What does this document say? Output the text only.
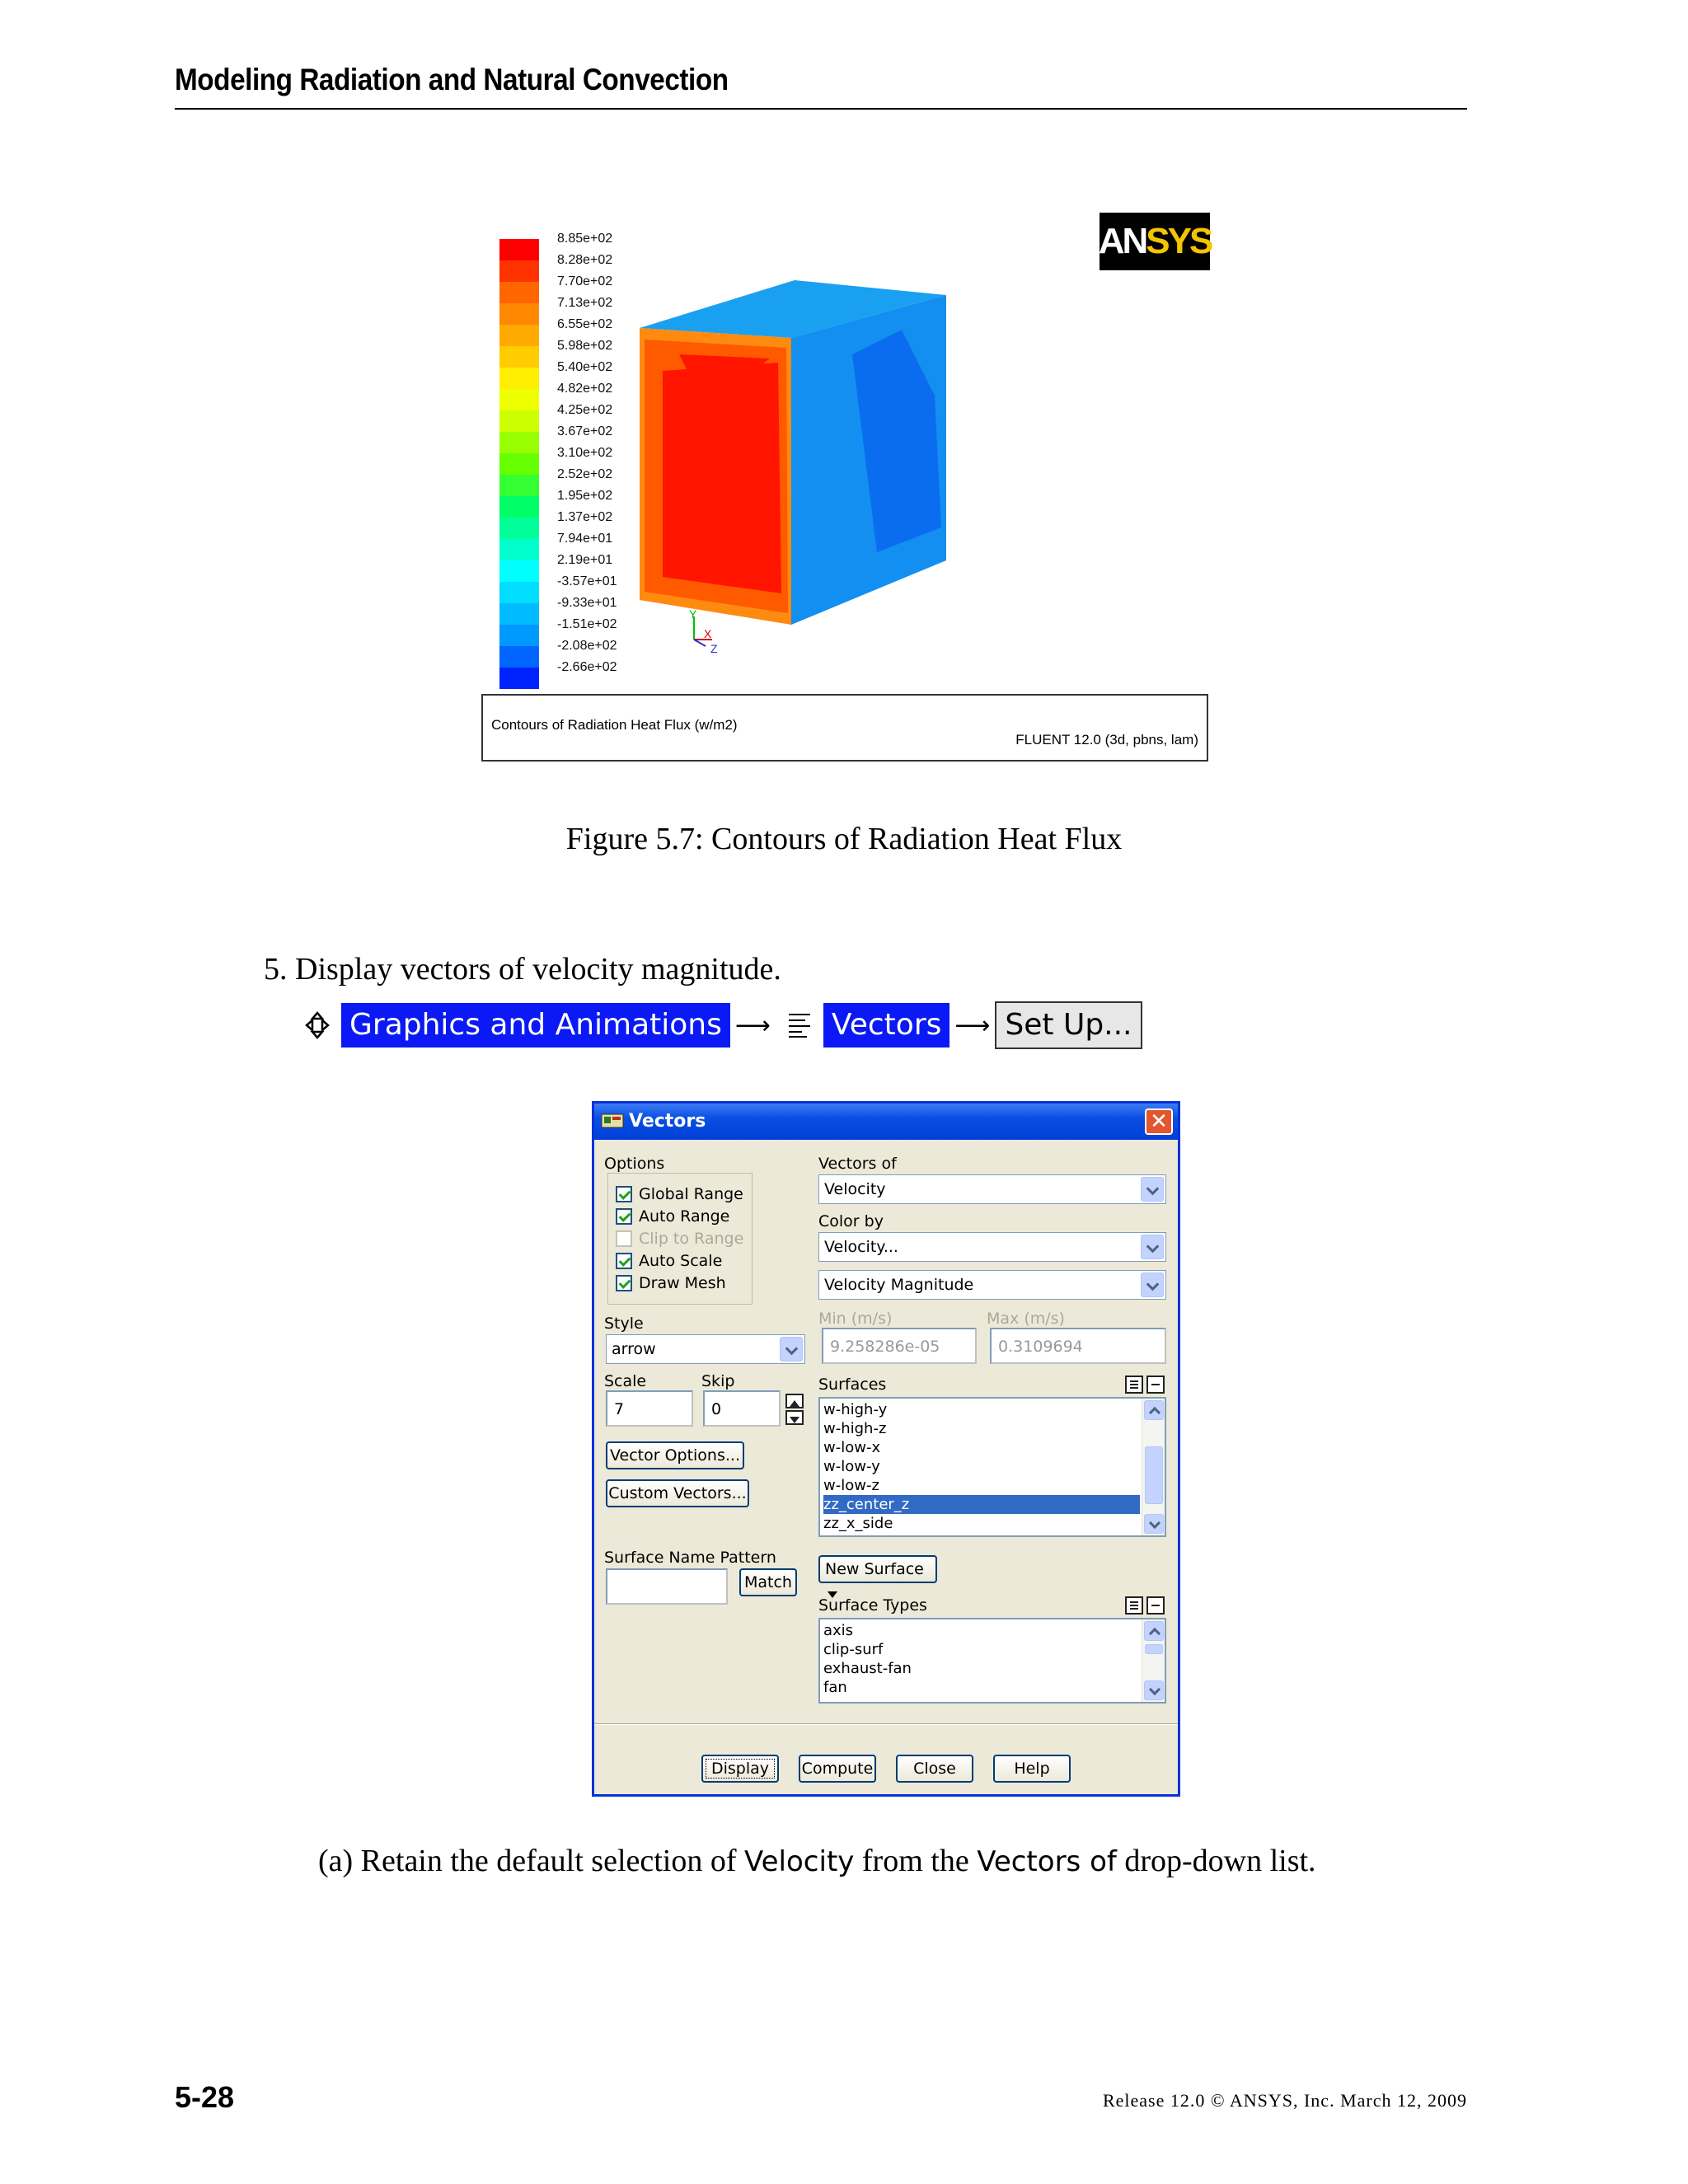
Modeling Radiation and Natural Convection
8.85e+02
8.28e+02
7.70e+02
7.13e+02
6.55e+02
5.98e+02
5.40e+02
4.82e+02
4.25e+02
3.67e+02
3.10e+02
2.52e+02
1.95e+02
1.37e+02
7.94e+01
2.19e+01
-3.57e+01
-9.33e+01
-1.51e+02
-2.08e+02
-2.66e+02
AN SYS
Y
X
Z
Contours of Radiation Heat Flux (w/m2)
FLUENT 12.0 (3d, pbns, lam)
Figure 5.7: Contours of Radiation Heat Flux
5. Display vectors of velocity magnitude.
Graphics and Animations ⟶ Vectors ⟶ Set Up...
Vectors	✕
Options
Global Range
Auto Range
Clip to Range
Auto Scale
Draw Mesh
Vectors of
Velocity
Color by
Velocity...
Velocity Magnitude
Min (m/s)	Max (m/s)
9.258286e-05	0.3109694
Style
arrow
Scale
7
Skip
0
Vector Options...
Custom Vectors...
Surface Name Pattern
Match
Surfaces
w-high-y
w-high-z
w-low-x
w-low-y
w-low-z
zz_center_z
zz_x_side
New Surface
Surface Types
axis
clip-surf
exhaust-fan
fan
Display	Compute	Close	Help
(a) Retain the default selection of Velocity from the Vectors of drop-down list.
5-28	Release 12.0 © ANSYS, Inc. March 12, 2009
